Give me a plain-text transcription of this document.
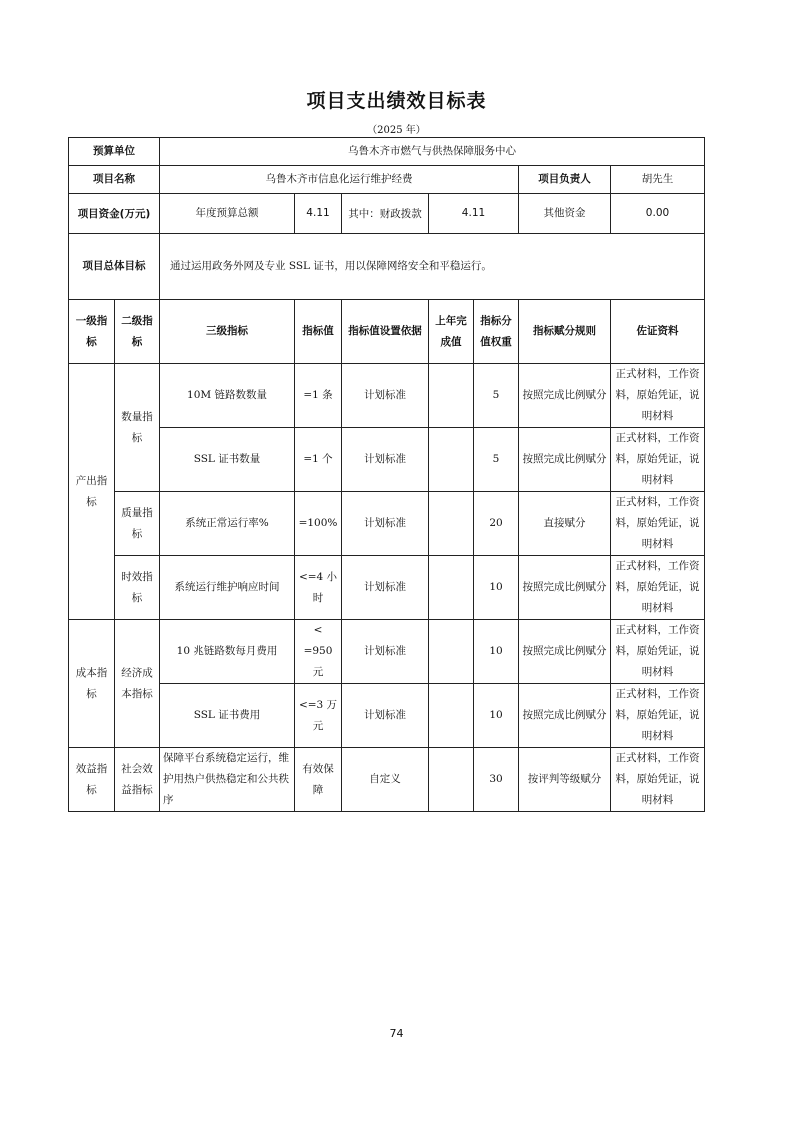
项目支出绩效目标表
（2025 年）
预算单位		乌鲁木齐市燃气与供热保障服务中心						
项目名称		乌鲁木齐市信息化运行维护经费					项目负责人	胡先生
项目资金(万元)		年度预算总额	4.11	其中：财政拨款	4.11		其他资金	0.00
项目总体目标		通过运用政务外网及专业 SSL 证书，用以保障网络安全和平稳运行。						
一级指标	二级指标	三级指标	指标值	指标值设置依据	上年完成值	指标分值权重	指标赋分规则	佐证资料
产出指标	数量指标	10M 链路数数量	=1 条	计划标准		5	按照完成比例赋分	正式材料，工作资料，原始凭证，说明材料
		SSL 证书数量	=1 个	计划标准		5	按照完成比例赋分	正式材料，工作资料，原始凭证，说明材料
	质量指标	系统正常运行率%	=100%	计划标准		20	直接赋分	正式材料，工作资料，原始凭证，说明材料
	时效指标	系统运行维护响应时间	<=4 小时	计划标准		10	按照完成比例赋分	正式材料，工作资料，原始凭证，说明材料
成本指标	经济成本指标	10 兆链路数每月费用	< =950 元	计划标准		10	按照完成比例赋分	正式材料，工作资料，原始凭证，说明材料
		SSL 证书费用	<=3 万元	计划标准		10	按照完成比例赋分	正式材料，工作资料，原始凭证，说明材料
效益指标	社会效益指标	保障平台系统稳定运行，维护用热户供热稳定和公共秩序	有效保障	自定义		30	按评判等级赋分	正式材料，工作资料，原始凭证，说明材料
74
